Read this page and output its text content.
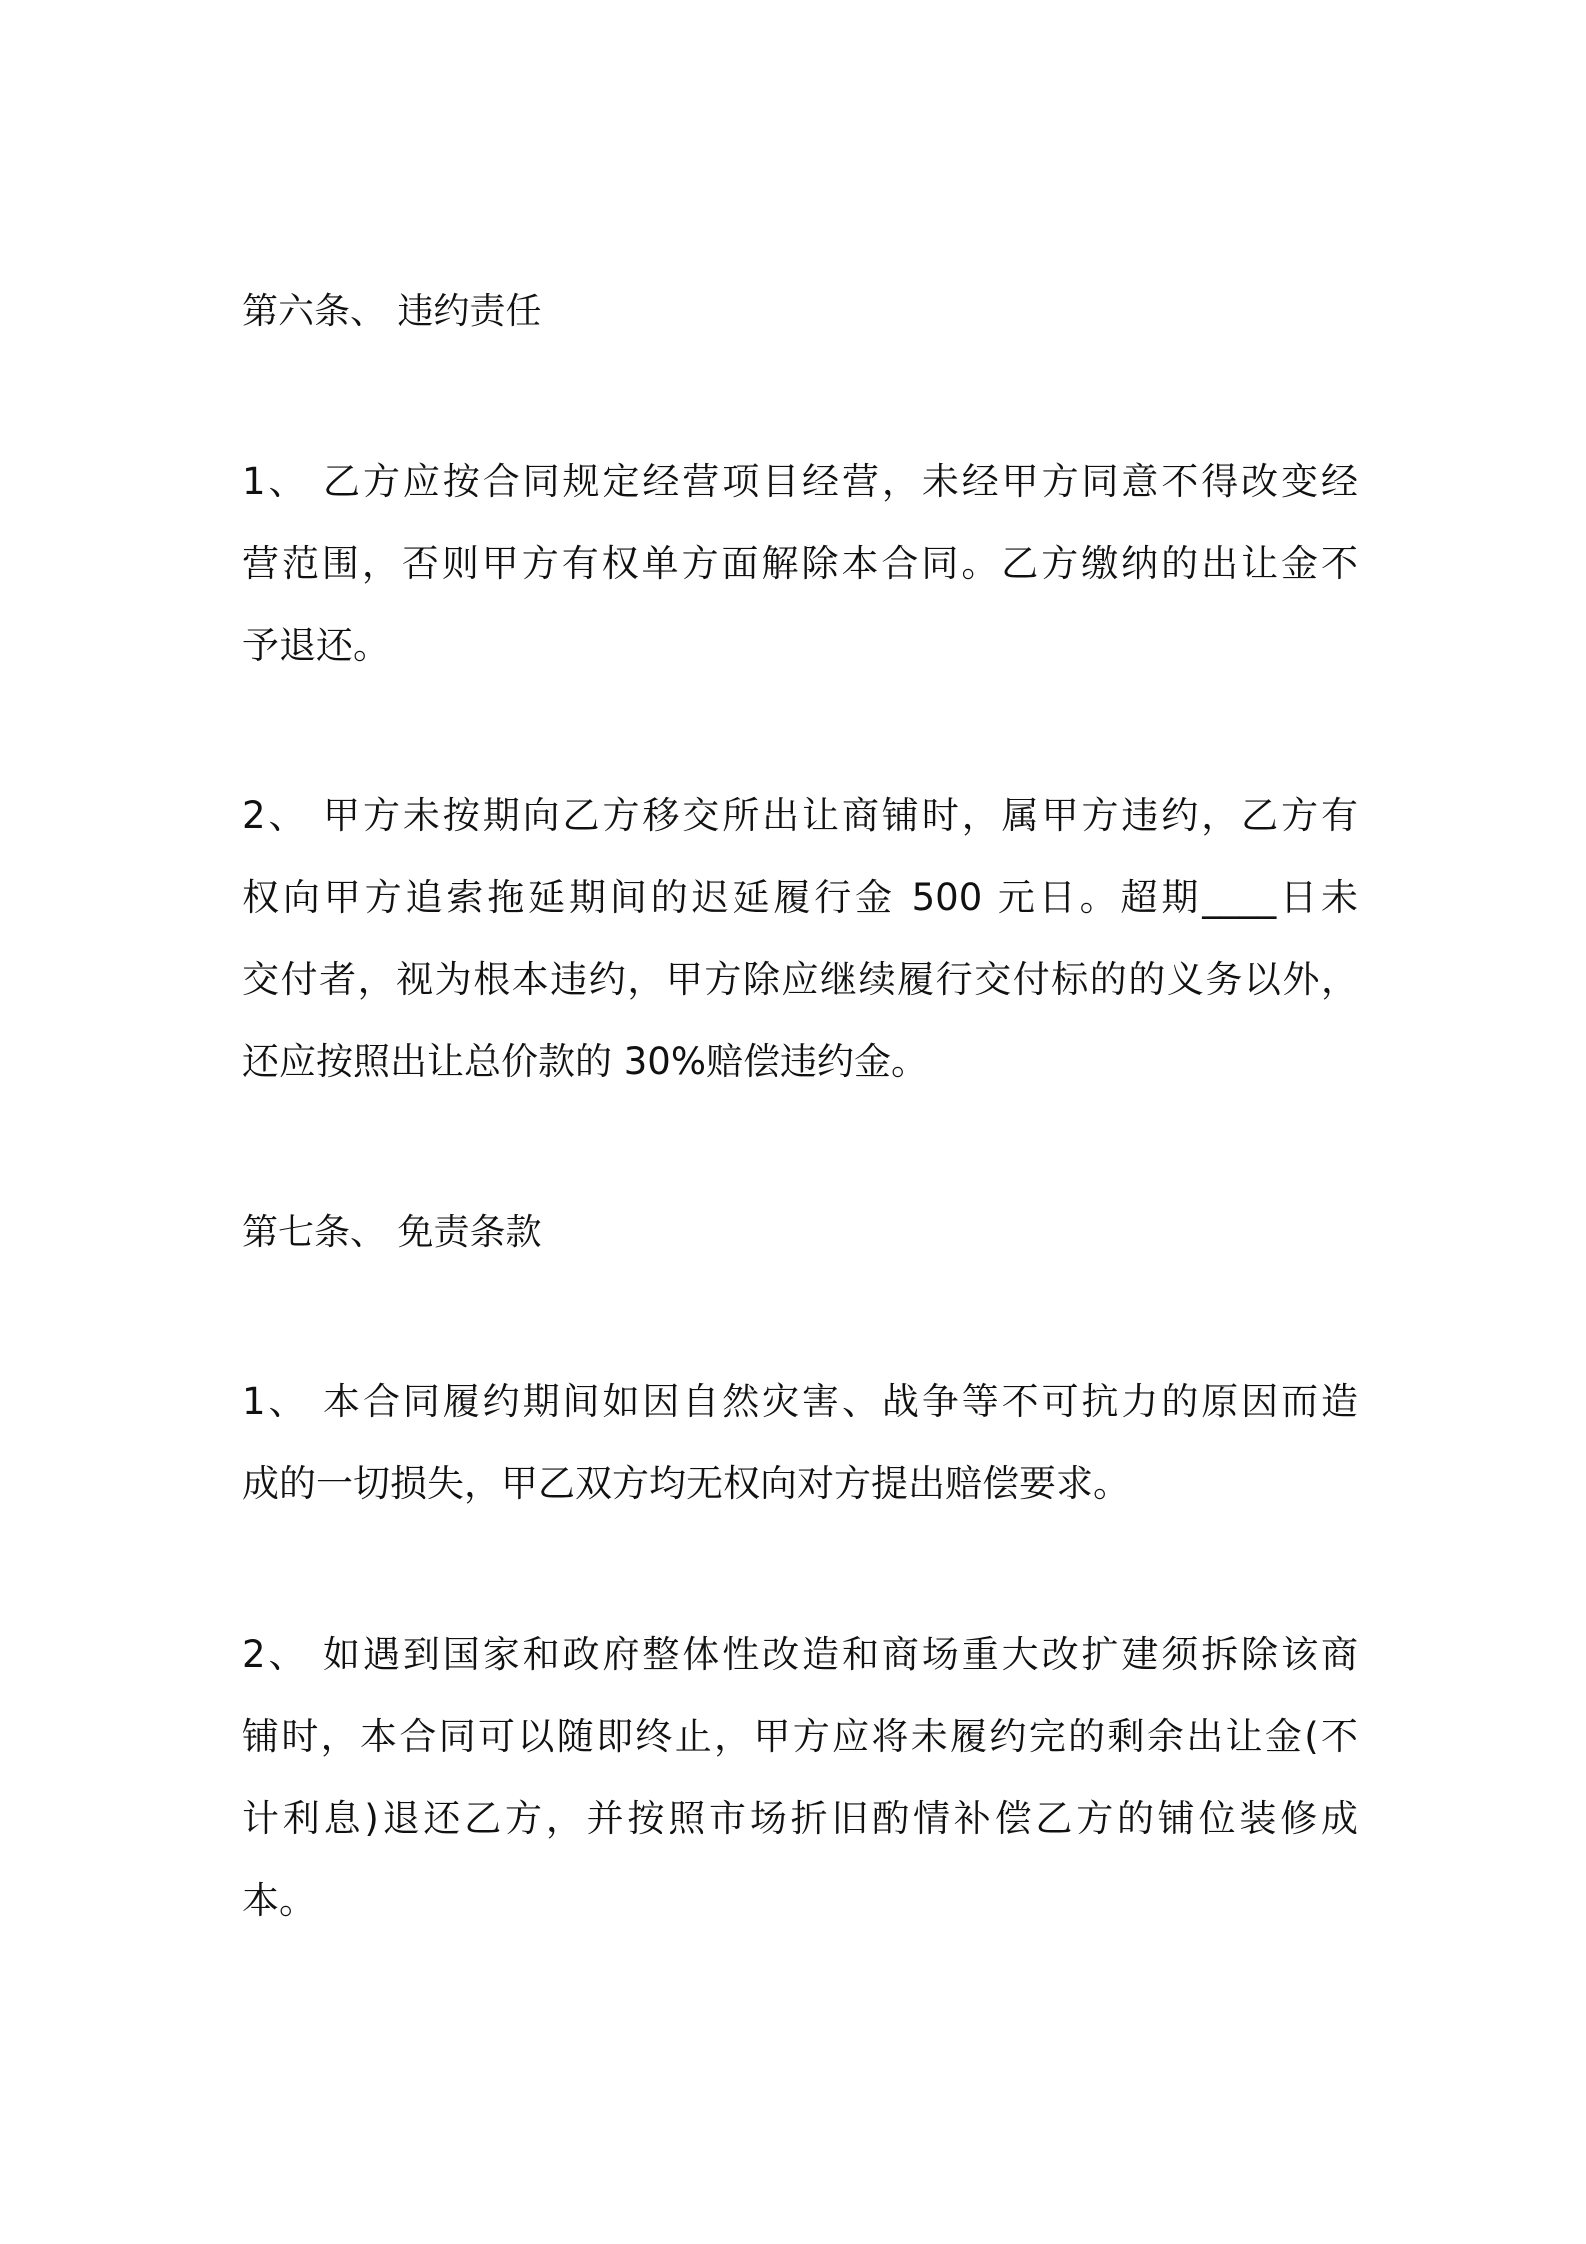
第六条、 违约责任
1、 乙方应按合同规定经营项目经营，未经甲方同意不得改变经
营范围，否则甲方有权单方面解除本合同。乙方缴纳的出让金不
予退还。
2、 甲方未按期向乙方移交所出让商铺时，属甲方违约，乙方有
权向甲方追索拖延期间的迟延履行金 500 元日。超期____日未
交付者，视为根本违约，甲方除应继续履行交付标的的义务以外，
还应按照出让总价款的 30%赔偿违约金。
第七条、 免责条款
1、 本合同履约期间如因自然灾害、战争等不可抗力的原因而造
成的一切损失，甲乙双方均无权向对方提出赔偿要求。
2、 如遇到国家和政府整体性改造和商场重大改扩建须拆除该商
铺时，本合同可以随即终止，甲方应将未履约完的剩余出让金(不
计利息)退还乙方，并按照市场折旧酌情补偿乙方的铺位装修成
本。
